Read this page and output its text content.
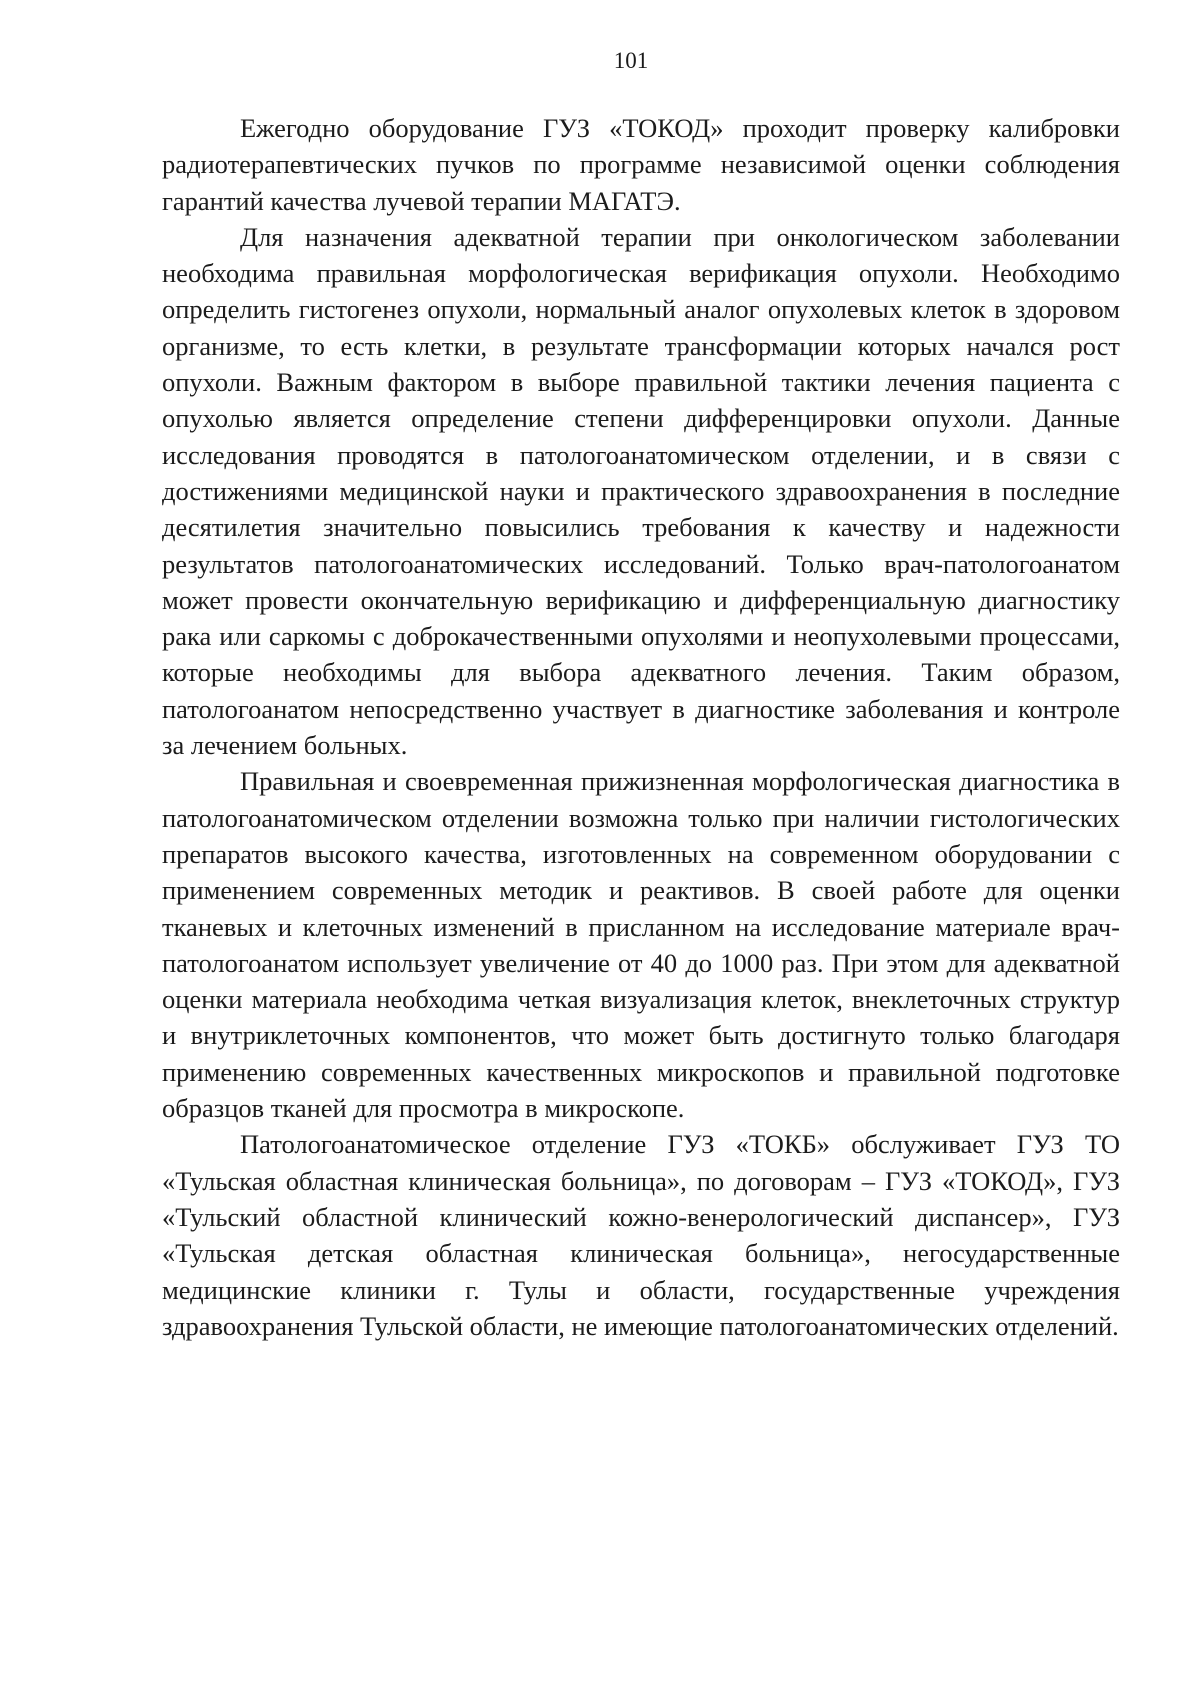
101

Ежегодно оборудование ГУЗ «ТОКОД» проходит проверку калибровки радиотерапевтических пучков по программе независимой оценки соблюдения гарантий качества лучевой терапии МАГАТЭ.

Для назначения адекватной терапии при онкологическом заболевании необходима правильная морфологическая верификация опухоли. Необходимо определить гистогенез опухоли, нормальный аналог опухолевых клеток в здоровом организме, то есть клетки, в результате трансформации которых начался рост опухоли. Важным фактором в выборе правильной тактики лечения пациента с опухолью является определение степени дифференцировки опухоли. Данные исследования проводятся в патологоанатомическом отделении, и в связи с достижениями медицинской науки и практического здравоохранения в последние десятилетия значительно повысились требования к качеству и надежности результатов патологоанатомических исследований. Только врач-патологоанатом может провести окончательную верификацию и дифференциальную диагностику рака или саркомы с доброкачественными опухолями и неопухолевыми процессами, которые необходимы для выбора адекватного лечения. Таким образом, патологоанатом непосредственно участвует в диагностике заболевания и контроле за лечением больных.

Правильная и своевременная прижизненная морфологическая диагностика в патологоанатомическом отделении возможна только при наличии гистологических препаратов высокого качества, изготовленных на современном оборудовании с применением современных методик и реактивов. В своей работе для оценки тканевых и клеточных изменений в присланном на исследование материале врач-патологоанатом использует увеличение от 40 до 1000 раз. При этом для адекватной оценки материала необходима четкая визуализация клеток, внеклеточных структур и внутриклеточных компонентов, что может быть достигнуто только благодаря применению современных качественных микроскопов и правильной подготовке образцов тканей для просмотра в микроскопе.

Патологоанатомическое отделение ГУЗ «ТОКБ» обслуживает ГУЗ ТО «Тульская областная клиническая больница», по договорам – ГУЗ «ТОКОД», ГУЗ «Тульский областной клинический кожно-венерологический диспансер», ГУЗ «Тульская детская областная клиническая больница», негосударственные медицинские клиники г. Тулы и области, государственные учреждения здравоохранения Тульской области, не имеющие патологоанатомических отделений.
